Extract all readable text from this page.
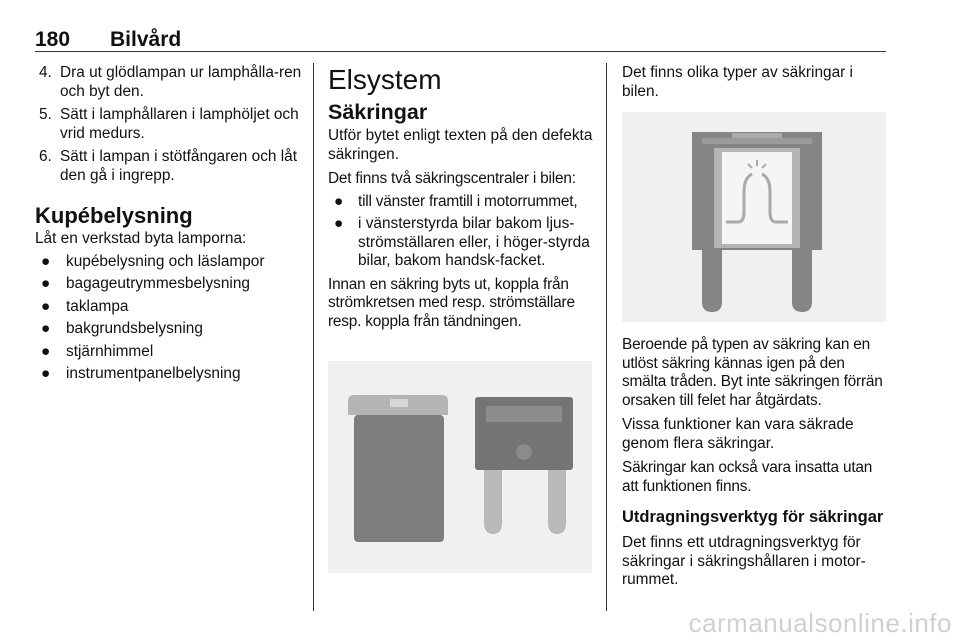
180 Bilvård
4. Dra ut glödlampan ur lamphålla-ren och byt den.
5. Sätt i lamphållaren i lamphöljet och vrid medurs.
6. Sätt i lampan i stötfångaren och låt den gå i ingrepp.
Kupébelysning

Låt en verkstad byta lamporna:

● kupébelysning och läslampor
● bagageutrymmesbelysning
● taklampa
● bakgrundsbelysning
● stjärnhimmel
● instrumentpanelbelysning
Elsystem
Säkringar

Utför bytet enligt texten på den defekta säkringen.

Det finns två säkringscentraler i bilen:

● till vänster framtill i motorrummet,
● i vänsterstyrda bilar bakom ljus-strömställaren eller, i höger-styrda bilar, bakom handsk-facket.

Innan en säkring byts ut, koppla från strömkretsen med resp. strömställare resp. koppla från tändningen.

Det finns olika typer av säkringar i bilen.

Beroende på typen av säkring kan en utlöst säkring kännas igen på den smälta tråden. Byt inte säkringen förrän orsaken till felet har åtgärdats.

Vissa funktioner kan vara säkrade genom flera säkringar.

Säkringar kan också vara insatta utan att funktionen finns.

Utdragningsverktyg för säkringar

Det finns ett utdragningsverktyg för säkringar i säkringshållaren i motor-rummet.

carmanualsonline.info
